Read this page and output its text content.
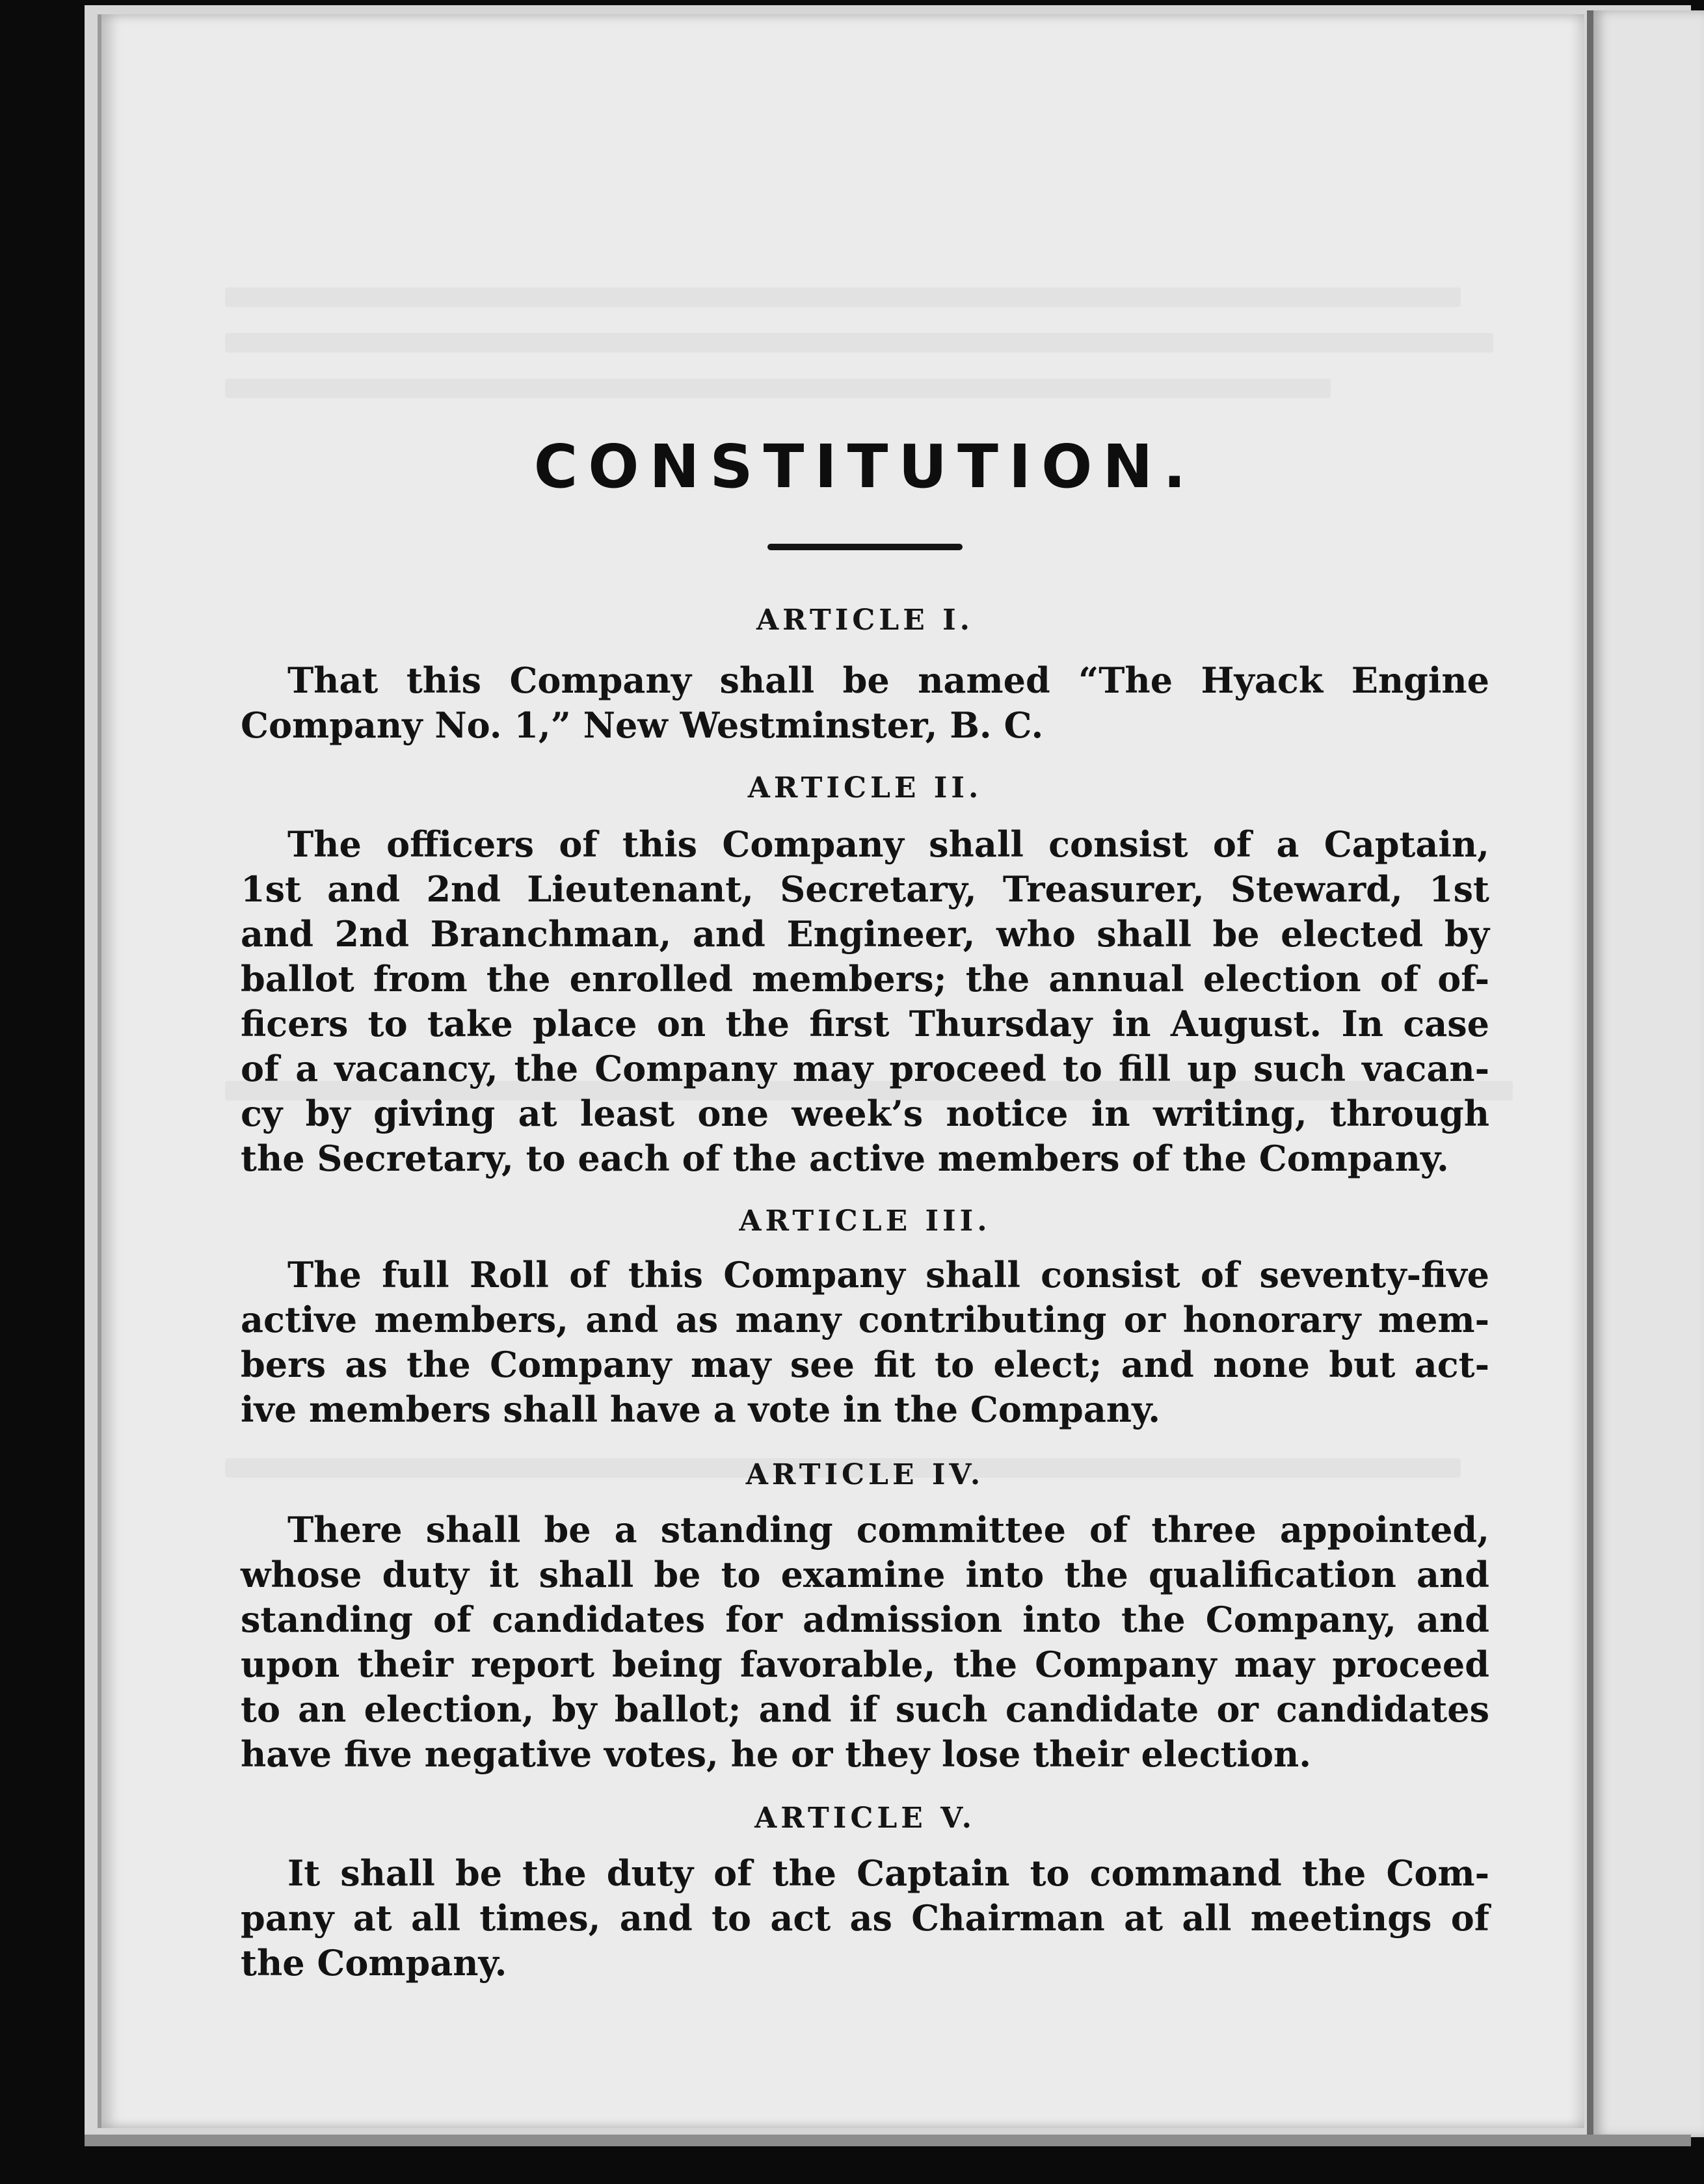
CONSTITUTION.
ARTICLE I.
That this Company shall be named “The Hyack Engine
Company No. 1,” New Westminster, B. C.
ARTICLE II.
The officers of this Company shall consist of a Captain,
1st and 2nd Lieutenant, Secretary, Treasurer, Steward, 1st
and 2nd Branchman, and Engineer, who shall be elected by
ballot from the enrolled members; the annual election of of-
ficers to take place on the first Thursday in August. In case
of a vacancy, the Company may proceed to fill up such vacan-
cy by giving at least one week’s notice in writing, through
the Secretary, to each of the active members of the Company.
ARTICLE III.
The full Roll of this Company shall consist of seventy-five
active members, and as many contributing or honorary mem-
bers as the Company may see fit to elect; and none but act-
ive members shall have a vote in the Company.
ARTICLE IV.
There shall be a standing committee of three appointed,
whose duty it shall be to examine into the qualification and
standing of candidates for admission into the Company, and
upon their report being favorable, the Company may proceed
to an election, by ballot; and if such candidate or candidates
have five negative votes, he or they lose their election.
ARTICLE V.
It shall be the duty of the Captain to command the Com-
pany at all times, and to act as Chairman at all meetings of
the Company.
